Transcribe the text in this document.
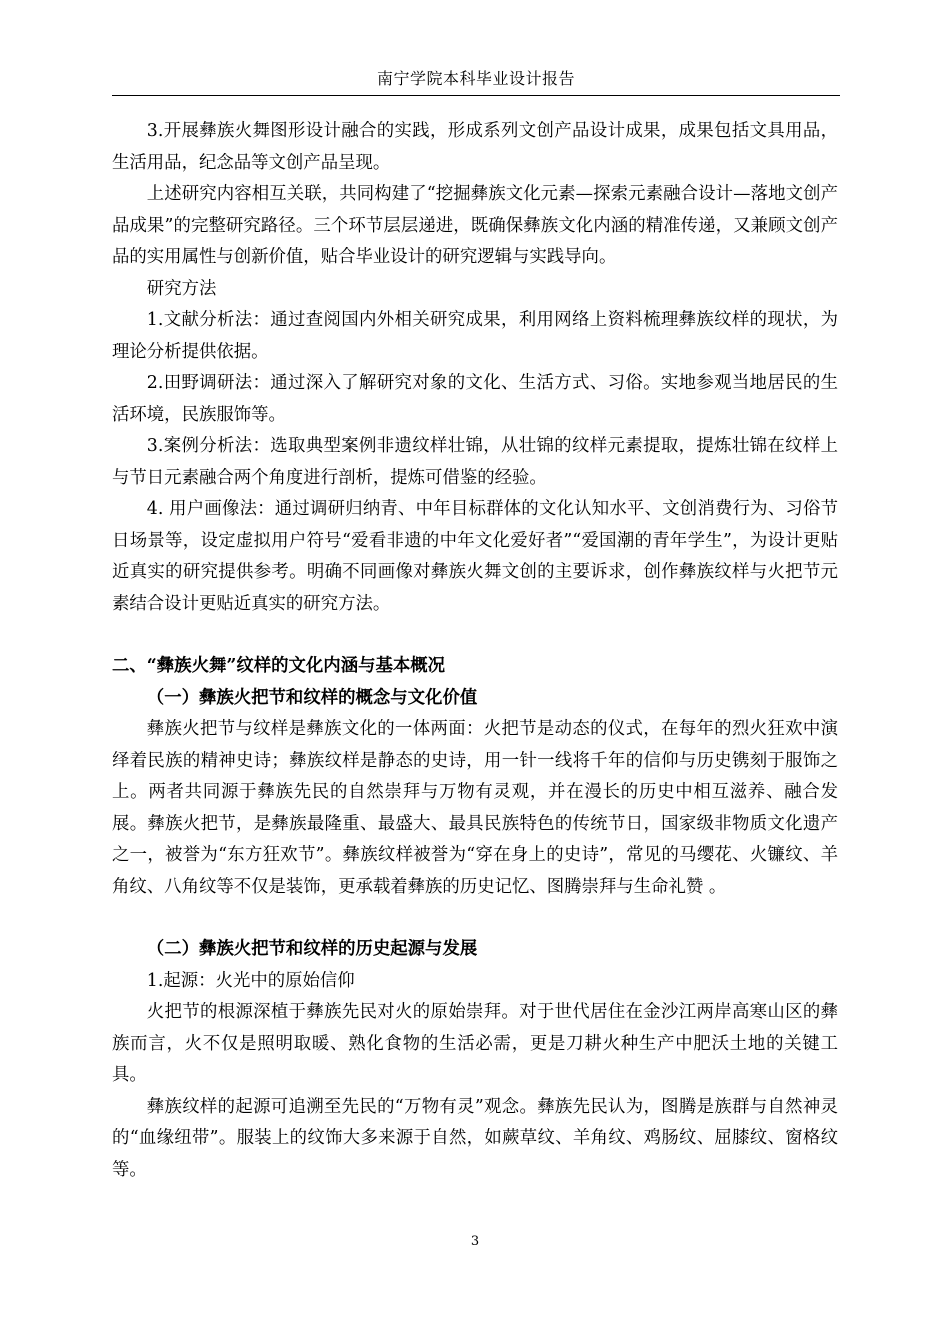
南宁学院本科毕业设计报告

3.开展彝族火舞图形设计融合的实践，形成系列文创产品设计成果，成果包括文具用品，生活用品，纪念品等文创产品呈现。

上述研究内容相互关联，共同构建了“挖掘彝族文化元素—探索元素融合设计—落地文创产品成果”的完整研究路径。三个环节层层递进，既确保彝族文化内涵的精准传递，又兼顾文创产品的实用属性与创新价值，贴合毕业设计的研究逻辑与实践导向。

研究方法

1.文献分析法：通过查阅国内外相关研究成果，利用网络上资料梳理彝族纹样的现状，为理论分析提供依据。

2.田野调研法：通过深入了解研究对象的文化、生活方式、习俗。实地参观当地居民的生活环境，民族服饰等。

3.案例分析法：选取典型案例非遗纹样壮锦，从壮锦的纹样元素提取，提炼壮锦在纹样上与节日元素融合两个角度进行剖析，提炼可借鉴的经验。

4. 用户画像法：通过调研归纳青、中年目标群体的文化认知水平、文创消费行为、习俗节日场景等，设定虚拟用户符号“爱看非遗的中年文化爱好者”“爱国潮的青年学生”，为设计更贴近真实的研究提供参考。明确不同画像对彝族火舞文创的主要诉求，创作彝族纹样与火把节元素结合设计更贴近真实的研究方法。

二、“彝族火舞”纹样的文化内涵与基本概况

（一）彝族火把节和纹样的概念与文化价值

彝族火把节与纹样是彝族文化的一体两面：火把节是动态的仪式，在每年的烈火狂欢中演绎着民族的精神史诗；彝族纹样是静态的史诗，用一针一线将千年的信仰与历史镌刻于服饰之上。两者共同源于彝族先民的自然崇拜与万物有灵观，并在漫长的历史中相互滋养、融合发展。彝族火把节，是彝族最隆重、最盛大、最具民族特色的传统节日，国家级非物质文化遗产之一，被誉为“东方狂欢节”。彝族纹样被誉为“穿在身上的史诗”，常见的马缨花、火镰纹、羊角纹、八角纹等不仅是装饰，更承载着彝族的历史记忆、图腾崇拜与生命礼赞 。

（二）彝族火把节和纹样的历史起源与发展

1.起源：火光中的原始信仰

火把节的根源深植于彝族先民对火的原始崇拜。对于世代居住在金沙江两岸高寒山区的彝族而言，火不仅是照明取暖、熟化食物的生活必需，更是刀耕火种生产中肥沃土地的关键工具。

彝族纹样的起源可追溯至先民的“万物有灵”观念。彝族先民认为，图腾是族群与自然神灵的“血缘纽带”。服装上的纹饰大多来源于自然，如蕨草纹、羊角纹、鸡肠纹、屈膝纹、窗格纹等。

3
